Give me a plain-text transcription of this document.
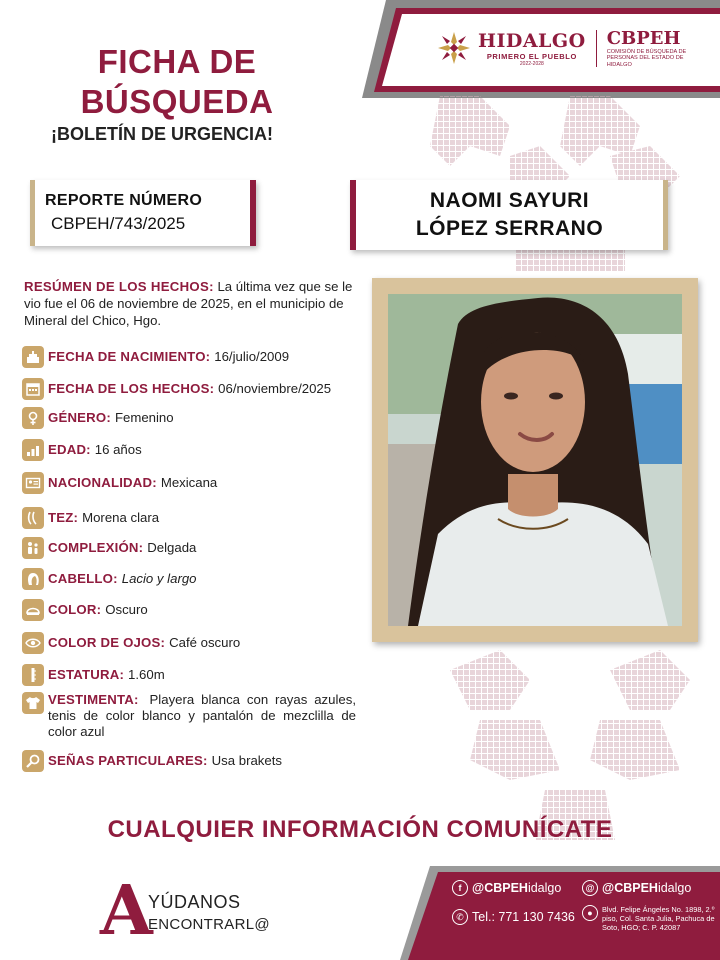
FICHA DE
BÚSQUEDA
¡BOLETÍN DE URGENCIA!
HIDALGO
PRIMERO EL PUEBLO
2022-2028
CBPEH
COMISIÓN DE BÚSQUEDA DE PERSONAS DEL ESTADO DE HIDALGO
REPORTE NÚMERO
CBPEH/743/2025
NAOMI SAYURI
LÓPEZ SERRANO
RESÚMEN DE LOS HECHOS: La última vez que se le vio fue el 06 de noviembre de 2025, en el municipio de Mineral del Chico, Hgo.
FECHA DE NACIMIENTO: 16/julio/2009
FECHA DE LOS HECHOS: 06/noviembre/2025
GÉNERO: Femenino
EDAD: 16 años
NACIONALIDAD: Mexicana
TEZ: Morena clara
COMPLEXIÓN: Delgada
CABELLO: Lacio y largo
COLOR: Oscuro
COLOR DE OJOS: Café oscuro
ESTATURA: 1.60m
VESTIMENTA: Playera blanca con rayas azules, tenis de color blanco y pantalón de mezclilla de color azul
SEÑAS PARTICULARES: Usa brakets
CUALQUIER INFORMACIÓN COMUNÍCATE
A
YÚDANOS
ENCONTRARL@
f @CBPEH idalgo	@ @CBPEH idalgo
✆ Tel.: 771 130 7436	●	Blvd. Felipe Ángeles No. 1898, 2.º piso, Col. Santa Julia, Pachuca de Soto, HGO; C. P. 42087
